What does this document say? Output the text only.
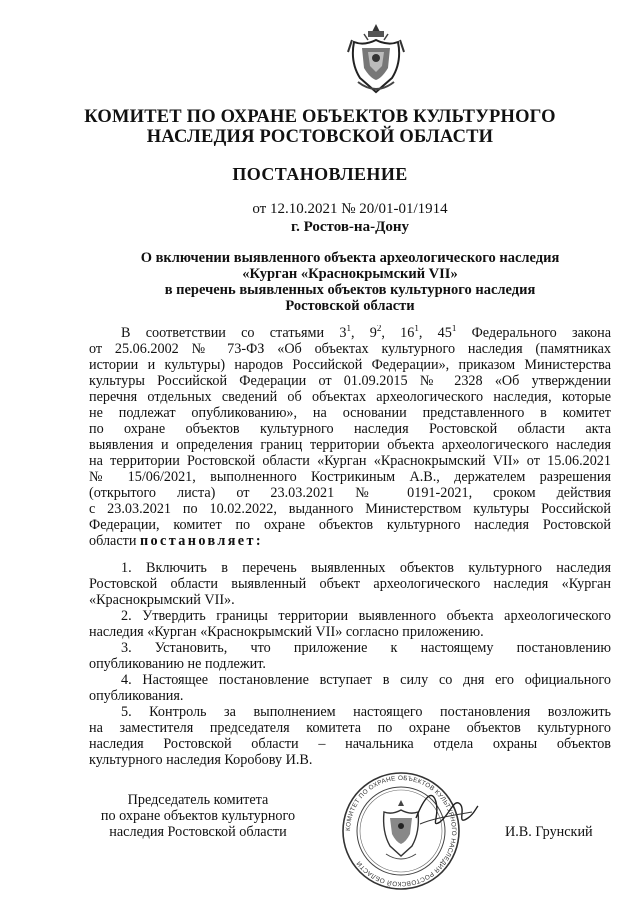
КОМИТЕТ ПО ОХРАНЕ ОБЪЕКТОВ КУЛЬТУРНОГО
НАСЛЕДИЯ РОСТОВСКОЙ ОБЛАСТИ
ПОСТАНОВЛЕНИЕ
от 12.10.2021 № 20/01-01/1914
г. Ростов-на-Дону
О включении выявленного объекта археологического наследия
«Курган «Краснокрымский VII»
в перечень выявленных объектов культурного наследия
Ростовской области
В соответствии со статьями $3^1$, $9^2$, $16^1$, $45^1$ Федерального закона
от 25.06.2002 № 73-ФЗ «Об объектах культурного наследия (памятниках
истории и культуры) народов Российской Федерации», приказом Министерства
культуры Российской Федерации от 01.09.2015 № 2328 «Об утверждении
перечня отдельных сведений об объектах археологического наследия, которые
не подлежат опубликованию», на основании представленного в комитет
по охране объектов культурного наследия Ростовской области акта
выявления и определения границ территории объекта археологического наследия
на территории Ростовской области «Курган «Краснокрымский VII» от 15.06.2021
№ 15/06/2021, выполненного Кострикиным А.В., держателем разрешения
(открытого листа) от 23.03.2021 № 0191-2021, сроком действия
с 23.03.2021 по 10.02.2022, выданного Министерством культуры Российской
Федерации, комитет по охране объектов культурного наследия Ростовской
области постановляет:
1. Включить в перечень выявленных объектов культурного наследия
Ростовской области выявленный объект археологического наследия «Курган
«Краснокрымский VII».
2. Утвердить границы территории выявленного объекта археологического
наследия «Курган «Краснокрымский VII» согласно приложению.
3. Установить, что приложение к настоящему постановлению
опубликованию не подлежит.
4. Настоящее постановление вступает в силу со дня его официального
опубликования.
5. Контроль за выполнением настоящего постановления возложить
на заместителя председателя комитета по охране объектов культурного
наследия Ростовской области – начальника отдела охраны объектов
культурного наследия Коробову И.В.
Председатель комитета
по охране объектов культурного
наследия Ростовской области	КОМИТЕТ ПО ОХРАНЕ ОБЪЕКТОВ КУЛЬТУРНОГО НАСЛЕДИЯ РОСТОВСКОЙ ОБЛАСТИ
И.В. Грунский
